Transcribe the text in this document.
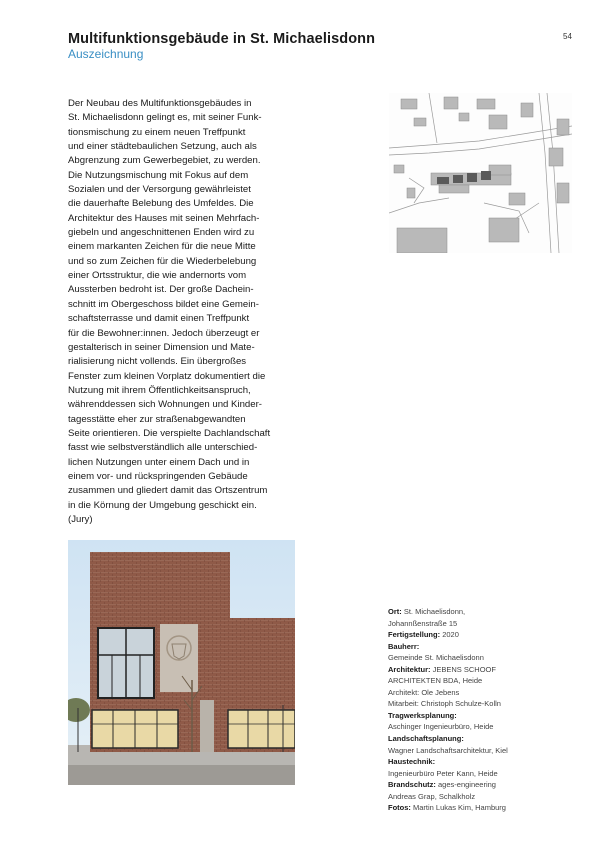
Multifunktionsgebäude in St. Michaelisdonn

Auszeichnung

54
Der Neubau des Multifunktionsgebäudes in
St. Michaelisdonn gelingt es, mit seiner Funk-
tionsmischung zu einem neuen Treffpunkt
und einer städtebaulichen Setzung, auch als
Abgrenzung zum Gewerbegebiet, zu werden.
Die Nutzungsmischung mit Fokus auf dem
Sozialen und der Versorgung gewährleistet
die dauerhafte Belebung des Umfeldes. Die
Architektur des Hauses mit seinen Mehrfach-
giebeln und angeschnittenen Enden wird zu
einem markanten Zeichen für die neue Mitte
und so zum Zeichen für die Wiederbelebung
einer Ortsstruktur, die wie andernorts vom
Aussterben bedroht ist. Der große Dachein-
schnitt im Obergeschoss bildet eine Gemein-
schaftsterrasse und damit einen Treffpunkt
für die Bewohner:innen. Jedoch überzeugt er
gestalterisch in seiner Dimension und Mate-
rialisierung nicht vollends. Ein übergroßes
Fenster zum kleinen Vorplatz dokumentiert die
Nutzung mit ihrem Öffentlichkeitsanspruch,
währenddessen sich Wohnungen und Kinder-
tagesstätte eher zur straßenabgewandten
Seite orientieren. Die verspielte Dachlandschaft
fasst wie selbstverständlich alle unterschied-
lichen Nutzungen unter einem Dach und in
einem vor- und rückspringenden Gebäude
zusammen und gliedert damit das Ortszentrum
in die Körnung der Umgebung geschickt ein.
(Jury)
Ort: St. Michaelisdonn,
Johannßenstraße 15
Fertigstellung: 2020
Bauherr:
Gemeinde St. Michaelisdonn
Architektur: JEBENS SCHOOF
ARCHITEKTEN BDA, Heide
Architekt: Ole Jebens
Mitarbeit: Christoph Schulze-Kolln
Tragwerksplanung:
Aschinger Ingenieurbüro, Heide
Landschaftsplanung:
Wagner Landschaftsarchitektur, Kiel
Haustechnik:
Ingenieurbüro Peter Kann, Heide
Brandschutz: ages-engineering
Andreas Grap, Schalkholz
Fotos: Martin Lukas Kim, Hamburg
